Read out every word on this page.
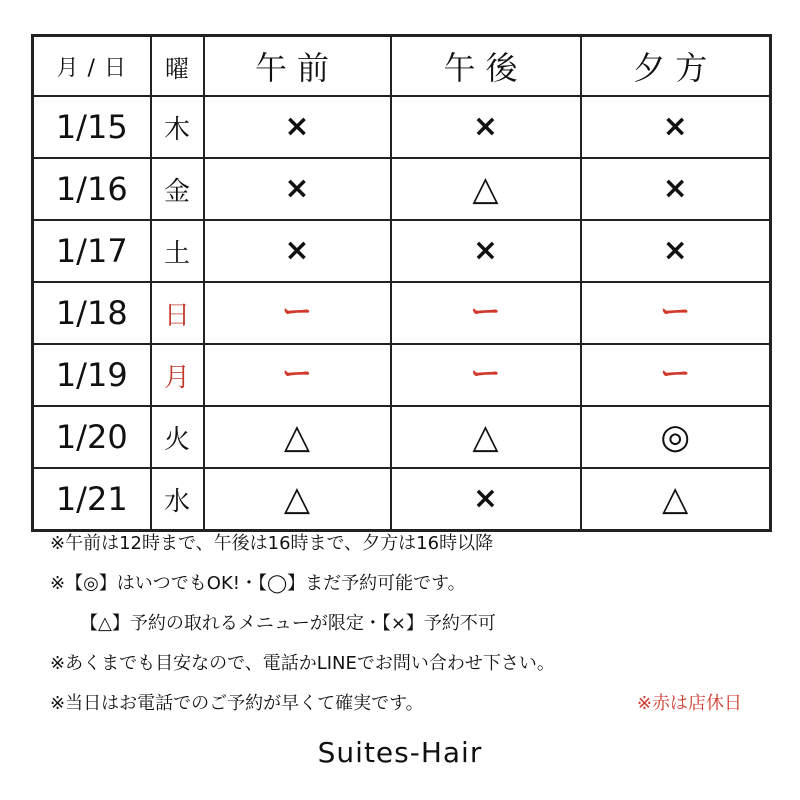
月 / 日	曜	午前	午後	夕方
1/15	木	×	×	×
1/16	金	×	△	×
1/17	土	×	×	×
1/18	日	ー	ー	ー
1/19	月	ー	ー	ー
1/20	火	△	△	◎
1/21	水	△	×	△
※午前は12時まで、午後は16時まで、夕方は16時以降
※【◎】はいつでもOK!・【◯】まだ予約可能です。
【△】予約の取れるメニューが限定・【×】予約不可
※あくまでも目安なので、電話かLINEでお問い合わせ下さい。
※当日はお電話でのご予約が早くて確実です。	※赤は店休日
Suites-Hair
